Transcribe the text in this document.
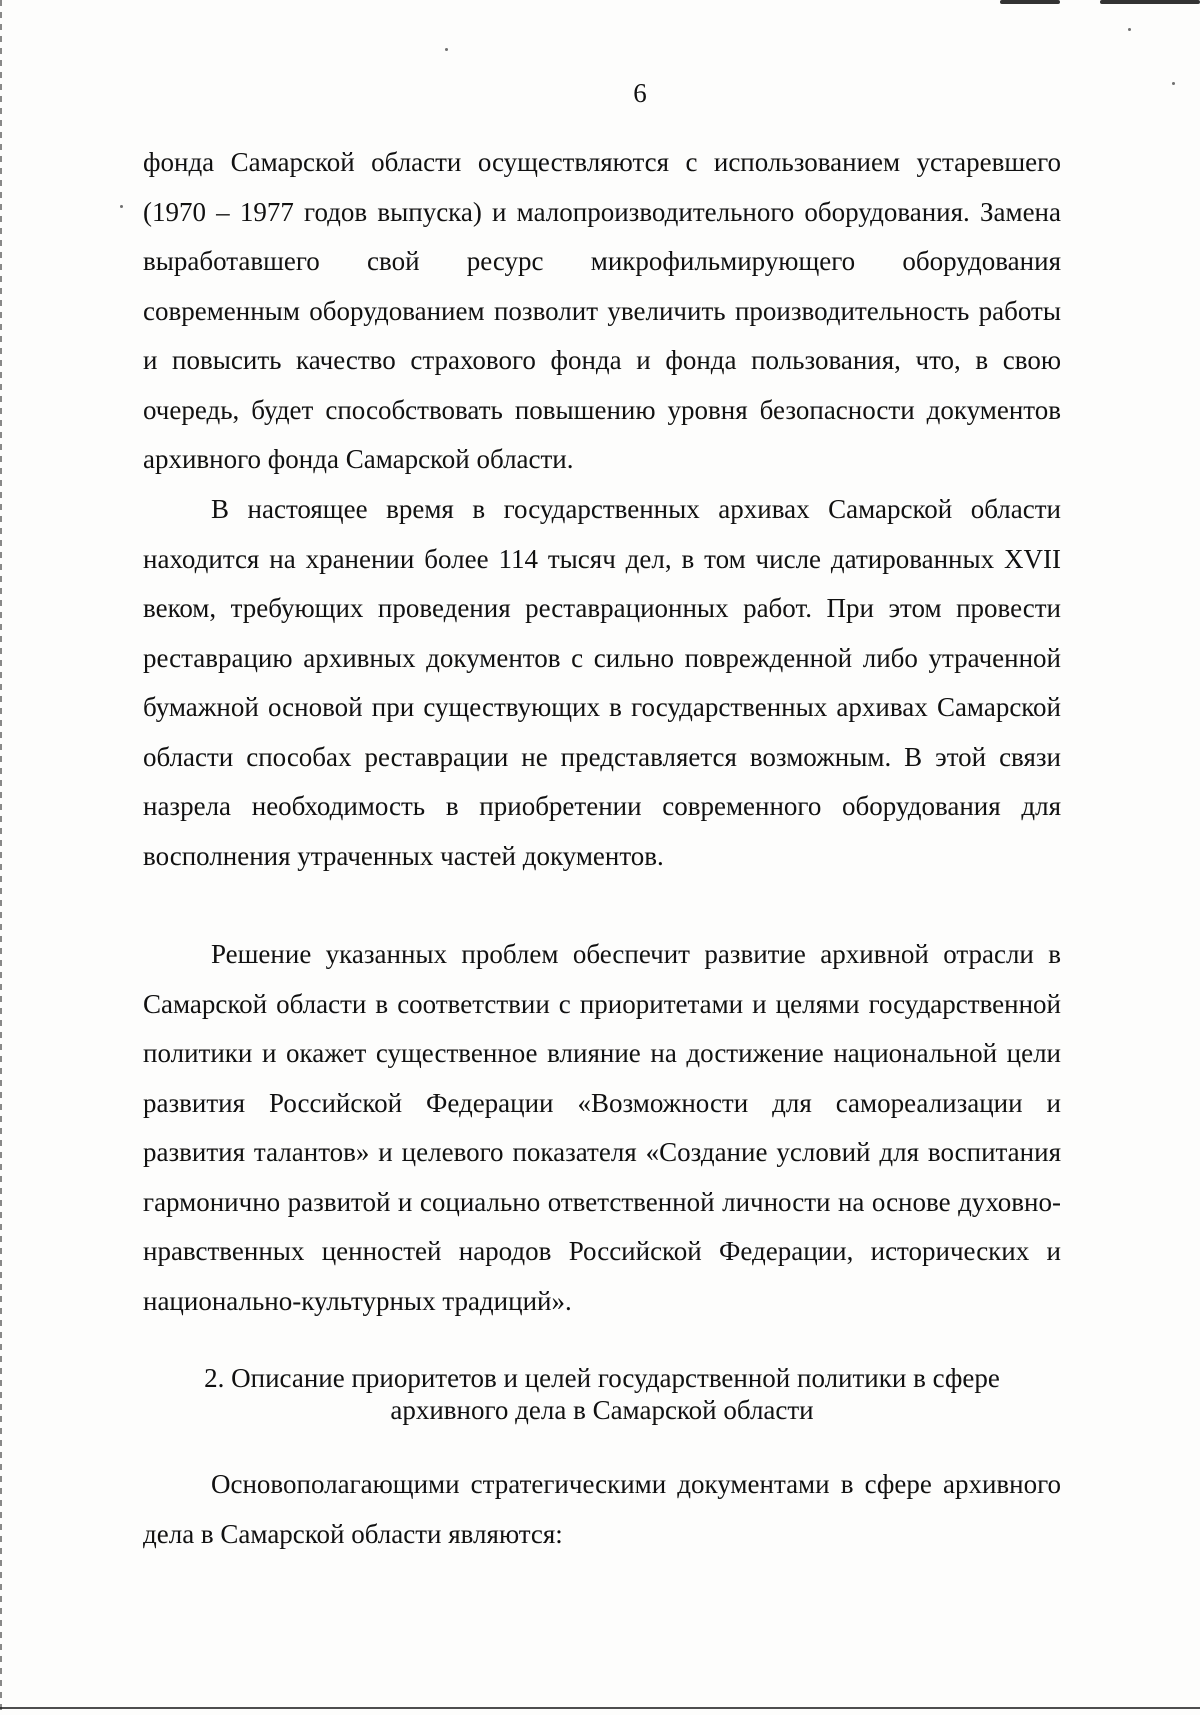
6

фонда Самарской области осуществляются с использованием устаревшего (1970 – 1977 годов выпуска) и малопроизводительного оборудования. Замена выработавшего свой ресурс микрофильмирующего оборудования современным оборудованием позволит увеличить производительность работы и повысить качество страхового фонда и фонда пользования, что, в свою очередь, будет способствовать повышению уровня безопасности документов архивного фонда Самарской области.

В настоящее время в государственных архивах Самарской области находится на хранении более 114 тысяч дел, в том числе датированных XVII веком, требующих проведения реставрационных работ. При этом провести реставрацию архивных документов с сильно поврежденной либо утраченной бумажной основой при существующих в государственных архивах Самарской области способах реставрации не представляется возможным. В этой связи назрела необходимость в приобретении современного оборудования для восполнения утраченных частей документов.

Решение указанных проблем обеспечит развитие архивной отрасли в Самарской области в соответствии с приоритетами и целями государственной политики и окажет существенное влияние на достижение национальной цели развития Российской Федерации «Возможности для самореализации и развития талантов» и целевого показателя «Создание условий для воспитания гармонично развитой и социально ответственной личности на основе духовно-нравственных ценностей народов Российской Федерации, исторических и национально-культурных традиций».

2. Описание приоритетов и целей государственной политики в сфере
архивного дела в Самарской области

Основополагающими стратегическими документами в сфере архивного дела в Самарской области являются:
